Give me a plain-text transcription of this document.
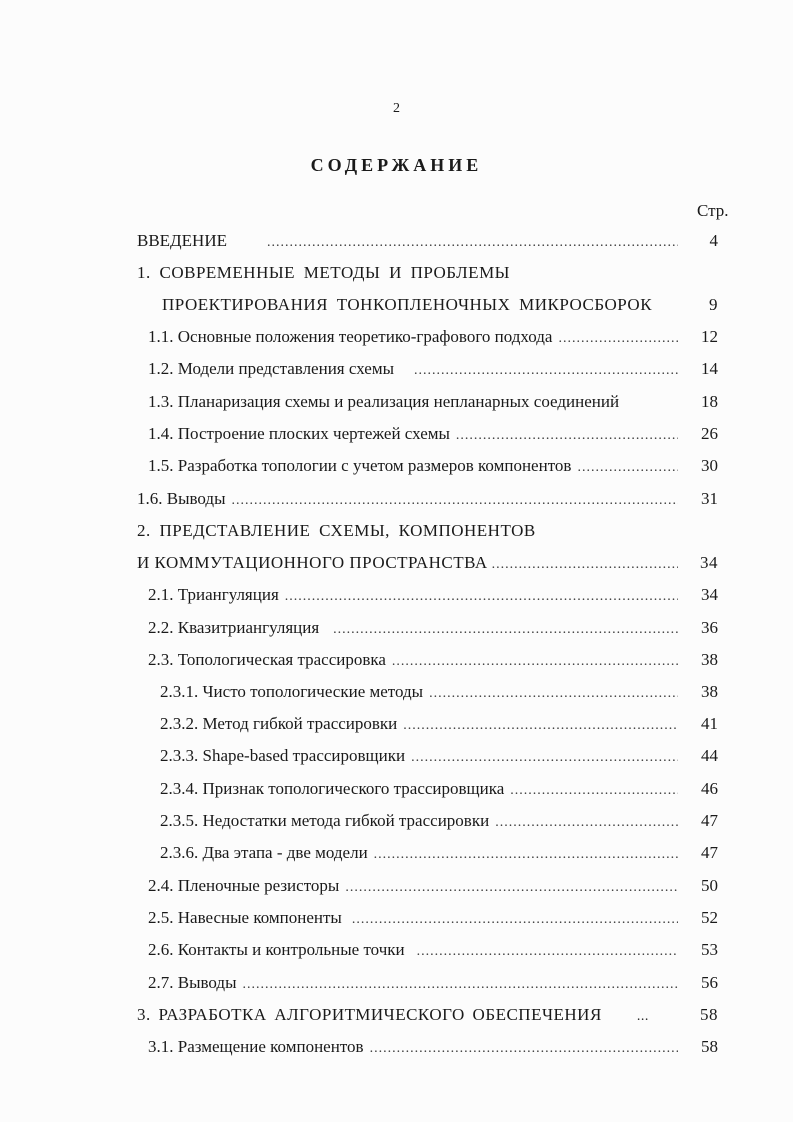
2
СОДЕРЖАНИЕ
Стр.
ВВЕДЕНИЕ .....	4
1. СОВРЕМЕННЫЕ МЕТОДЫ И ПРОБЛЕМЫ
ПРОЕКТИРОВАНИЯ ТОНКОПЛЕНОЧНЫХ МИКРОСБОРОК	9
1.1. Основные положения теоретико-графового подхода .....	12
1.2. Модели представления схемы .....	14
1.3. Планаризация схемы и реализация непланарных соединений	18
1.4. Построение плоских чертежей схемы .....	26
1.5. Разработка топологии с учетом размеров компонентов .....	30
1.6. Выводы .....	31
2. ПРЕДСТАВЛЕНИЕ СХЕМЫ, КОМПОНЕНТОВ
И КОММУТАЦИОННОГО ПРОСТРАНСТВА .....	34
2.1. Триангуляция .....	34
2.2. Квазитриангуляция .....	36
2.3. Топологическая трассировка .....	38
2.3.1. Чисто топологические методы .....	38
2.3.2. Метод гибкой трассировки .....	41
2.3.3. Shape-based трассировщики .....	44
2.3.4. Признак топологического трассировщика .....	46
2.3.5. Недостатки метода гибкой трассировки .....	47
2.3.6. Два этапа - две модели .....	47
2.4. Пленочные резисторы .....	50
2.5. Навесные компоненты .....	52
2.6. Контакты и контрольные точки .....	53
2.7. Выводы .....	56
3. РАЗРАБОТКА АЛГОРИТМИЧЕСКОГО ОБЕСПЕЧЕНИЯ	...	58
3.1. Размещение компонентов .....	58
